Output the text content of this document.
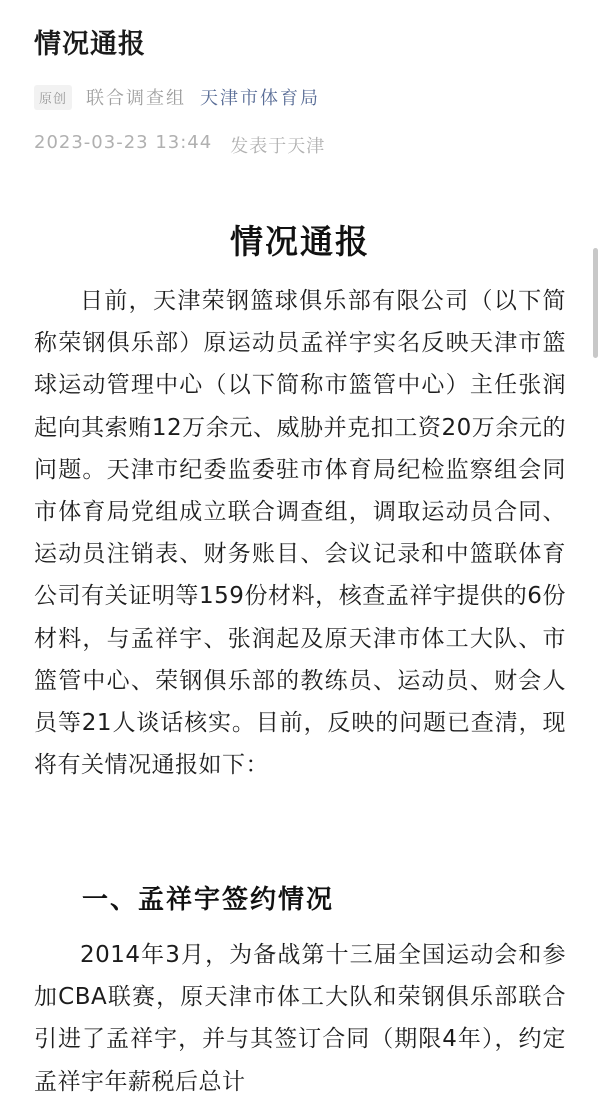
情况通报
原创 联合调查组 天津市体育局
2023-03-23 13:44 发表于天津
情况通报
日前，天津荣钢篮球俱乐部有限公司（以下简称荣钢俱乐部）原运动员孟祥宇实名反映天津市篮球运动管理中心（以下简称市篮管中心）主任张润起向其索贿12万余元、威胁并克扣工资20万余元的问题。天津市纪委监委驻市体育局纪检监察组会同市体育局党组成立联合调查组，调取运动员合同、运动员注销表、财务账目、会议记录和中篮联体育公司有关证明等159份材料，核查孟祥宇提供的6份材料，与孟祥宇、张润起及原天津市体工大队、市篮管中心、荣钢俱乐部的教练员、运动员、财会人员等21人谈话核实。目前，反映的问题已查清，现将有关情况通报如下：
一、孟祥宇签约情况
2014年3月，为备战第十三届全国运动会和参加CBA联赛，原天津市体工大队和荣钢俱乐部联合引进了孟祥宇，并与其签订合同（期限4年），约定孟祥宇年薪税后总计
